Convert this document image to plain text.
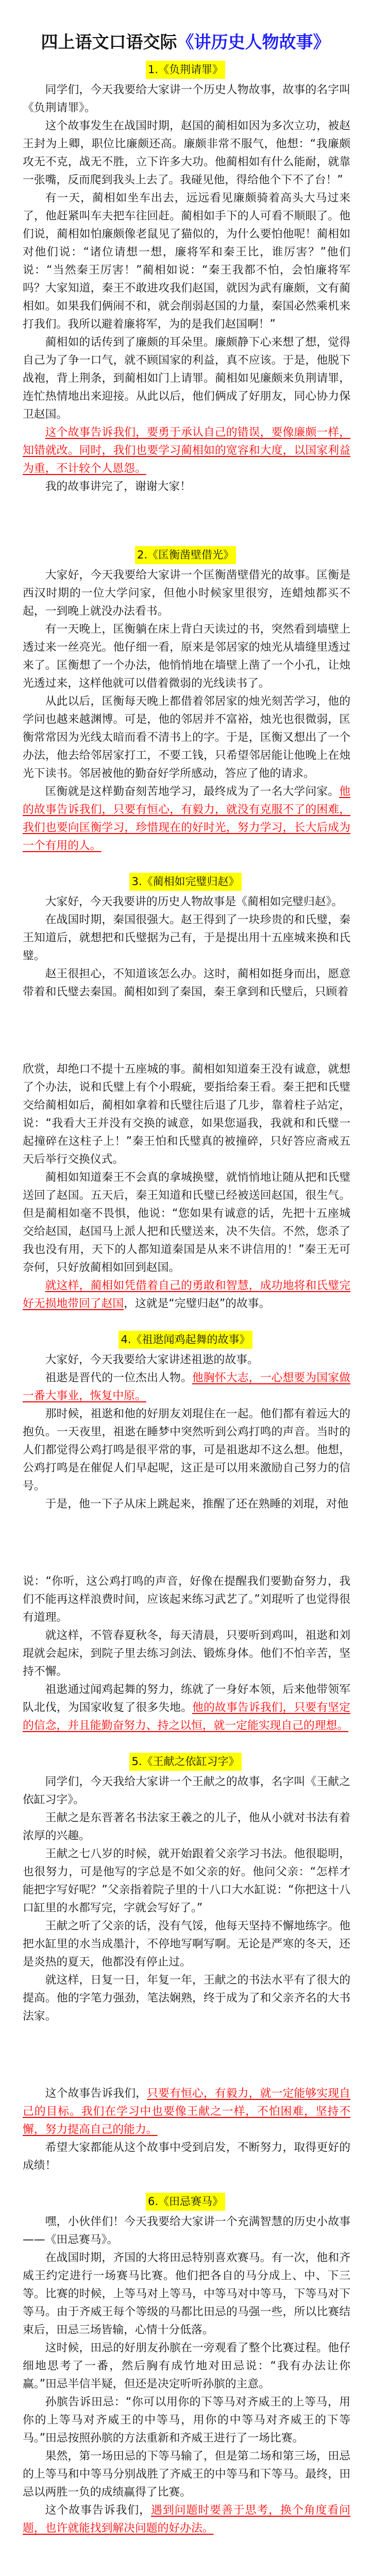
四上语文口语交际《讲历史人物故事》
1.《负荆请罪》

同学们，今天我要给大家讲一个历史人物故事，故事的名字叫《负荆请罪》。

这个故事发生在战国时期，赵国的蔺相如因为多次立功，被赵王封为上卿，职位比廉颇还高。廉颇非常不服气，他想：“我廉颇攻无不克，战无不胜，立下许多大功。他蔺相如有什么能耐，就靠一张嘴，反而爬到我头上去了。我碰见他，得给他个下不了台！”

有一天，蔺相如坐车出去，远远看见廉颇骑着高头大马过来了，他赶紧叫车夫把车往回赶。蔺相如手下的人可看不顺眼了。他们说，蔺相如怕廉颇像老鼠见了猫似的，为什么要怕他呢！蔺相如对他们说：“诸位请想一想，廉将军和秦王比，谁厉害？”他们说：“当然秦王厉害！”蔺相如说：“秦王我都不怕，会怕廉将军吗？大家知道，秦王不敢进攻我们赵国，就因为武有廉颇，文有蔺相如。如果我们俩闹不和，就会削弱赵国的力量，秦国必然乘机来打我们。我所以避着廉将军，为的是我们赵国啊！”

蔺相如的话传到了廉颇的耳朵里。廉颇静下心来想了想，觉得自己为了争一口气，就不顾国家的利益，真不应该。于是，他脱下战袍，背上荆条，到蔺相如门上请罪。蔺相如见廉颇来负荆请罪，连忙热情地出来迎接。从此以后，他们俩成了好朋友，同心协力保卫赵国。

这个故事告诉我们，要勇于承认自己的错误，要像廉颇一样，知错就改。同时，我们也要学习蔺相如的宽容和大度，以国家利益为重，不计较个人恩怨。

我的故事讲完了，谢谢大家！

2.《匡衡凿壁借光》

大家好，今天我要给大家讲一个匡衡凿壁借光的故事。匡衡是西汉时期的一位大学问家，但他小时候家里很穷，连蜡烛都买不起，一到晚上就没办法看书。

有一天晚上，匡衡躺在床上背白天读过的书，突然看到墙壁上透过来一丝亮光。他仔细一看，原来是邻居家的烛光从墙缝里透过来了。匡衡想了一个办法，他悄悄地在墙壁上凿了一个小孔，让烛光透过来，这样他就可以借着微弱的光线读书了。

从此以后，匡衡每天晚上都借着邻居家的烛光刻苦学习，他的学问也越来越渊博。可是，他的邻居并不富裕，烛光也很微弱，匡衡常常因为光线太暗而看不清书上的字。于是，匡衡又想出了一个办法，他去给邻居家打工，不要工钱，只希望邻居能让他晚上在烛光下读书。邻居被他的勤奋好学所感动，答应了他的请求。

匡衡就是这样勤奋刻苦地学习，最终成为了一名大学问家。他的故事告诉我们，只要有恒心，有毅力，就没有克服不了的困难，我们也要向匡衡学习，珍惜现在的好时光，努力学习，长大后成为一个有用的人。

3.《蔺相如完璧归赵》

大家好，今天我要讲的历史人物故事是《蔺相如完璧归赵》。

在战国时期，秦国很强大。赵王得到了一块珍贵的和氏璧，秦王知道后，就想把和氏璧据为己有，于是提出用十五座城来换和氏璧。

赵王很担心，不知道该怎么办。这时，蔺相如挺身而出，愿意带着和氏璧去秦国。蔺相如到了秦国，秦王拿到和氏璧后，只顾着

欣赏，却绝口不提十五座城的事。蔺相如知道秦王没有诚意，就想了个办法，说和氏璧上有个小瑕疵，要指给秦王看。秦王把和氏璧交给蔺相如后，蔺相如拿着和氏璧往后退了几步，靠着柱子站定，说：“我看大王并没有交换的诚意，如果您逼我，我就和和氏璧一起撞碎在这柱子上！”秦王怕和氏璧真的被撞碎，只好答应斋戒五天后举行交换仪式。

蔺相如知道秦王不会真的拿城换璧，就悄悄地让随从把和氏璧送回了赵国。五天后，秦王知道和氏璧已经被送回赵国，很生气。但是蔺相如毫不畏惧，他说：“您如果有诚意的话，先把十五座城交给赵国，赵国马上派人把和氏璧送来，决不失信。不然，您杀了我也没有用，天下的人都知道秦国是从来不讲信用的！”秦王无可奈何，只好放蔺相如回到赵国。

就这样，蔺相如凭借着自己的勇敢和智慧，成功地将和氏璧完好无损地带回了赵国，这就是“完璧归赵”的故事。

4.《祖逖闻鸡起舞的故事》

大家好，今天我要给大家讲述祖逖的故事。

祖逖是晋代的一位杰出人物。他胸怀大志，一心想要为国家做一番大事业，恢复中原。

那时候，祖逖和他的好朋友刘琨住在一起。他们都有着远大的抱负。一天夜里，祖逖在睡梦中突然听到公鸡打鸣的声音。当时的人们都觉得公鸡打鸣是很平常的事，可是祖逖却不这么想。他想，公鸡打鸣是在催促人们早起呢，这正是可以用来激励自己努力的信号。

于是，他一下子从床上跳起来，推醒了还在熟睡的刘琨，对他

说：“你听，这公鸡打鸣的声音，好像在提醒我们要勤奋努力，我们不能再这样浪费时间，应该起来练习武艺了。”刘琨听了也觉得很有道理。

就这样，不管春夏秋冬，每天清晨，只要听到鸡叫，祖逖和刘琨就会起床，到院子里去练习剑法、锻炼身体。他们不怕辛苦，坚持不懈。

祖逖通过闻鸡起舞的努力，练就了一身好本领，后来他带领军队北伐，为国家收复了很多失地。他的故事告诉我们，只要有坚定的信念，并且能勤奋努力、持之以恒，就一定能实现自己的理想。

5.《王献之依缸习字》

同学们，今天我给大家讲一个王献之的故事，名字叫《王献之依缸习字》。

王献之是东晋著名书法家王羲之的儿子，他从小就对书法有着浓厚的兴趣。

王献之七八岁的时候，就开始跟着父亲学习书法。他很聪明，也很努力，可是他写的字总是不如父亲的好。他问父亲：“怎样才能把字写好呢？”父亲指着院子里的十八口大水缸说：“你把这十八口缸里的水都写完，字就会写好了。”

王献之听了父亲的话，没有气馁，他每天坚持不懈地练字。他把水缸里的水当成墨汁，不停地写啊写啊。无论是严寒的冬天，还是炎热的夏天，他都没有停止过。

就这样，日复一日，年复一年，王献之的书法水平有了很大的提高。他的字笔力强劲，笔法娴熟，终于成为了和父亲齐名的大书法家。

这个故事告诉我们，只要有恒心，有毅力，就一定能够实现自己的目标。我们在学习中也要像王献之一样，不怕困难，坚持不懈，努力提高自己的能力。

希望大家都能从这个故事中受到启发，不断努力，取得更好的成绩！

6.《田忌赛马》

嘿，小伙伴们！今天我要给大家讲一个充满智慧的历史小故事——《田忌赛马》。

在战国时期，齐国的大将田忌特别喜欢赛马。有一次，他和齐威王约定进行一场赛马比赛。他们把各自的马分成上、中、下三等。比赛的时候，上等马对上等马，中等马对中等马，下等马对下等马。由于齐威王每个等级的马都比田忌的马强一些，所以比赛结束后，田忌三场皆输，心情十分低落。

这时候，田忌的好朋友孙膑在一旁观看了整个比赛过程。他仔细地思考了一番，然后胸有成竹地对田忌说：“我有办法让你赢。”田忌半信半疑，但还是决定听听孙膑的主意。

孙膑告诉田忌：“你可以用你的下等马对齐威王的上等马，用你的上等马对齐威王的中等马，用你的中等马对齐威王的下等马。”田忌按照孙膑的方法重新和齐威王进行了一场比赛。

果然，第一场田忌的下等马输了，但是第二场和第三场，田忌的上等马和中等马分别战胜了齐威王的中等马和下等马。最终，田忌以两胜一负的成绩赢得了比赛。

这个故事告诉我们，遇到问题时要善于思考，换个角度看问题，也许就能找到解决问题的好办法。
